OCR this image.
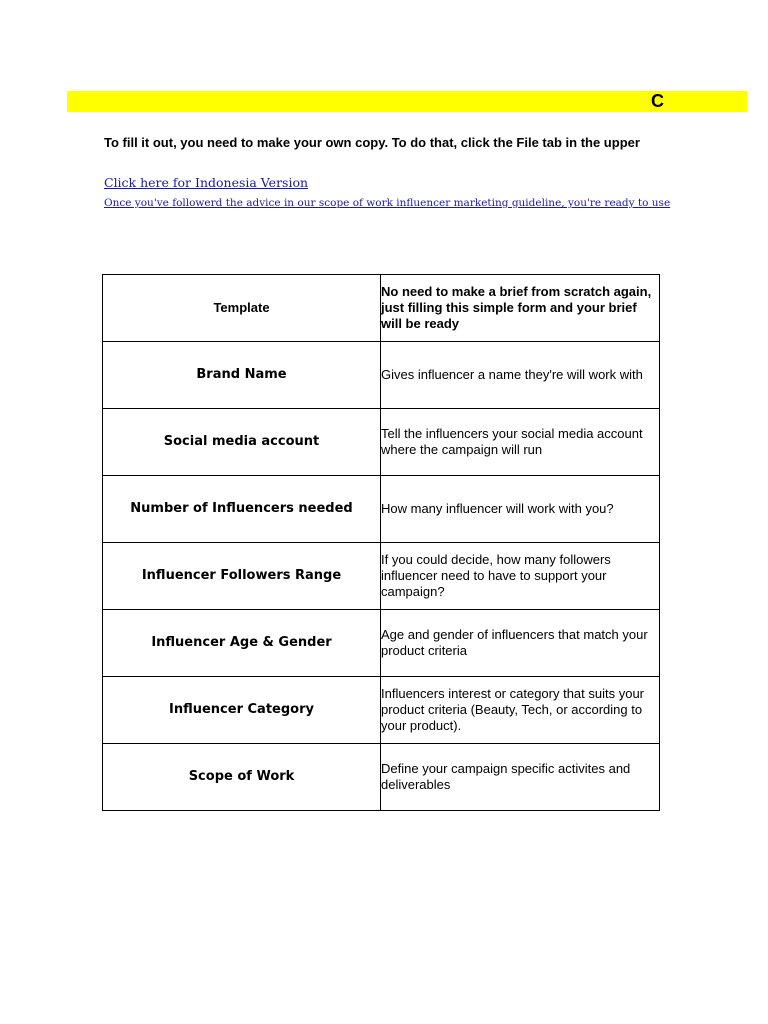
C
To fill it out, you need to make your own copy. To do that, click the File tab in the upper
Click here for Indonesia Version
Once you've followerd the advice in our scope of work influencer marketing guideline, you're ready to use
Template	No need to make a brief from scratch again, just filling this simple form and your brief will be ready
Brand Name	Gives influencer a name they're will work with
Social media account	Tell the influencers your social media account where the campaign will run
Number of Influencers needed	How many influencer will work with you?
Influencer Followers Range	If you could decide, how many followers influencer need to have to support your campaign?
Influencer Age & Gender	Age and gender of influencers that match your product criteria
Influencer Category	Influencers interest or category that suits your product criteria (Beauty, Tech, or according to your product).
Scope of Work	Define your campaign specific activites and deliverables
